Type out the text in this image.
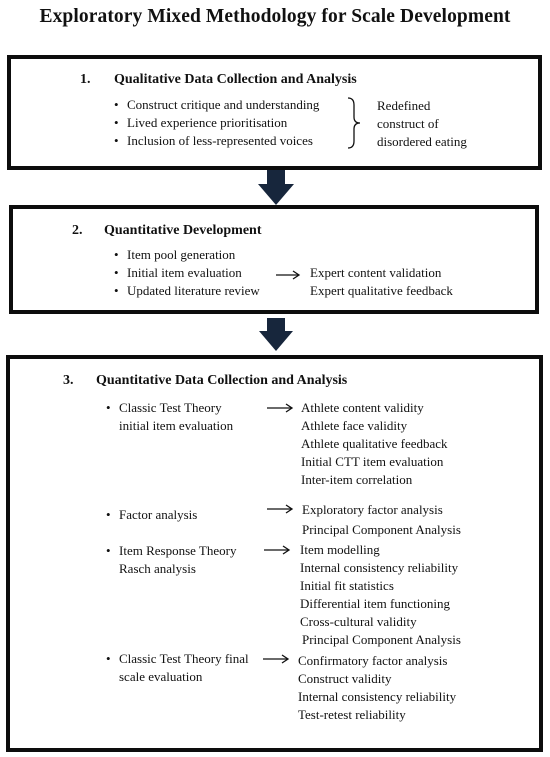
Exploratory Mixed Methodology for Scale Development
1. Qualitative Data Collection and Analysis
• Construct critique and understanding
• Lived experience prioritisation
• Inclusion of less-represented voices
Redefined
construct of
disordered eating
2. Quantitative Development
• Item pool generation
• Initial item evaluation
• Updated literature review
Expert content validation
Expert qualitative feedback
3. Quantitative Data Collection and Analysis
• Classic Test Theory
initial item evaluation
Athlete content validity
Athlete face validity
Athlete qualitative feedback
Initial CTT item evaluation
Inter-item correlation
• Factor analysis	Exploratory factor analysis
Principal Component Analysis
• Item Response Theory
Rasch analysis
Item modelling
Internal consistency reliability
Initial fit statistics
Differential item functioning
Cross-cultural validity
Principal Component Analysis
• Classic Test Theory final
scale evaluation
Confirmatory factor analysis
Construct validity
Internal consistency reliability
Test-retest reliability
